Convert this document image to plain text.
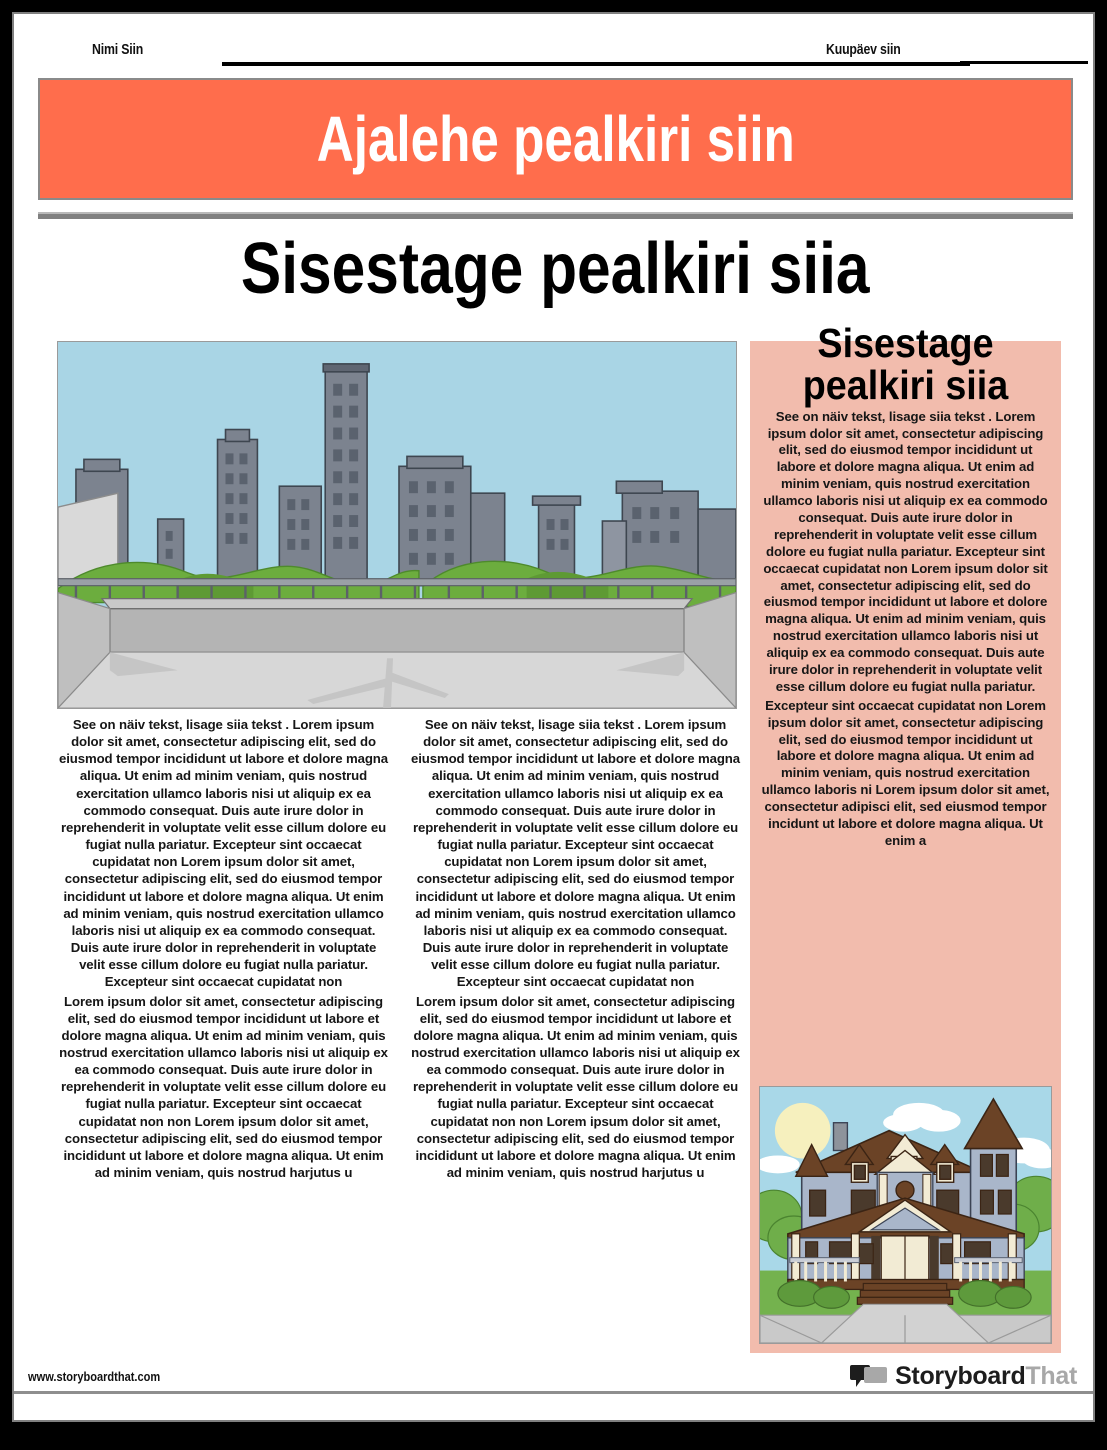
Nimi Siin	Kuupäev siin
Ajalehe pealkiri siin
Sisestage pealkiri siia

See on näiv tekst, lisage siia tekst . Lorem ipsum dolor sit amet, consectetur adipiscing elit, sed do eiusmod tempor incididunt ut labore et dolore magna aliqua. Ut enim ad minim veniam, quis nostrud exercitation ullamco laboris nisi ut aliquip ex ea commodo consequat. Duis aute irure dolor in reprehenderit in voluptate velit esse cillum dolore eu fugiat nulla pariatur. Excepteur sint occaecat cupidatat non Lorem ipsum dolor sit amet, consectetur adipiscing elit, sed do eiusmod tempor incididunt ut labore et dolore magna aliqua. Ut enim ad minim veniam, quis nostrud exercitation ullamco laboris nisi ut aliquip ex ea commodo consequat. Duis aute irure dolor in reprehenderit in voluptate velit esse cillum dolore eu fugiat nulla pariatur. Excepteur sint occaecat cupidatat non

Lorem ipsum dolor sit amet, consectetur adipiscing elit, sed do eiusmod tempor incididunt ut labore et dolore magna aliqua. Ut enim ad minim veniam, quis nostrud exercitation ullamco laboris nisi ut aliquip ex ea commodo consequat. Duis aute irure dolor in reprehenderit in voluptate velit esse cillum dolore eu fugiat nulla pariatur. Excepteur sint occaecat cupidatat non non Lorem ipsum dolor sit amet, consectetur adipiscing elit, sed do eiusmod tempor incididunt ut labore et dolore magna aliqua. Ut enim ad minim veniam, quis nostrud harjutus u

See on näiv tekst, lisage siia tekst . Lorem ipsum dolor sit amet, consectetur adipiscing elit, sed do eiusmod tempor incididunt ut labore et dolore magna aliqua. Ut enim ad minim veniam, quis nostrud exercitation ullamco laboris nisi ut aliquip ex ea commodo consequat. Duis aute irure dolor in reprehenderit in voluptate velit esse cillum dolore eu fugiat nulla pariatur. Excepteur sint occaecat cupidatat non Lorem ipsum dolor sit amet, consectetur adipiscing elit, sed do eiusmod tempor incididunt ut labore et dolore magna aliqua. Ut enim ad minim veniam, quis nostrud exercitation ullamco laboris nisi ut aliquip ex ea commodo consequat. Duis aute irure dolor in reprehenderit in voluptate velit esse cillum dolore eu fugiat nulla pariatur. Excepteur sint occaecat cupidatat non

Lorem ipsum dolor sit amet, consectetur adipiscing elit, sed do eiusmod tempor incididunt ut labore et dolore magna aliqua. Ut enim ad minim veniam, quis nostrud exercitation ullamco laboris nisi ut aliquip ex ea commodo consequat. Duis aute irure dolor in reprehenderit in voluptate velit esse cillum dolore eu fugiat nulla pariatur. Excepteur sint occaecat cupidatat non non Lorem ipsum dolor sit amet, consectetur adipiscing elit, sed do eiusmod tempor incididunt ut labore et dolore magna aliqua. Ut enim ad minim veniam, quis nostrud harjutus u

Sisestage pealkiri siia

See on näiv tekst, lisage siia tekst . Lorem ipsum dolor sit amet, consectetur adipiscing elit, sed do eiusmod tempor incididunt ut labore et dolore magna aliqua. Ut enim ad minim veniam, quis nostrud exercitation ullamco laboris nisi ut aliquip ex ea commodo consequat. Duis aute irure dolor in reprehenderit in voluptate velit esse cillum dolore eu fugiat nulla pariatur. Excepteur sint occaecat cupidatat non Lorem ipsum dolor sit amet, consectetur adipiscing elit, sed do eiusmod tempor incididunt ut labore et dolore magna aliqua. Ut enim ad minim veniam, quis nostrud exercitation ullamco laboris nisi ut aliquip ex ea commodo consequat. Duis aute irure dolor in reprehenderit in voluptate velit esse cillum dolore eu fugiat nulla pariatur.

Excepteur sint occaecat cupidatat non Lorem ipsum dolor sit amet, consectetur adipiscing elit, sed do eiusmod tempor incididunt ut labore et dolore magna aliqua. Ut enim ad minim veniam, quis nostrud exercitation ullamco laboris ni Lorem ipsum dolor sit amet, consectetur adipisci elit, sed eiusmod tempor incidunt ut labore et dolore magna aliqua. Ut enim a

www.storyboardthat.com	StoryboardThat
